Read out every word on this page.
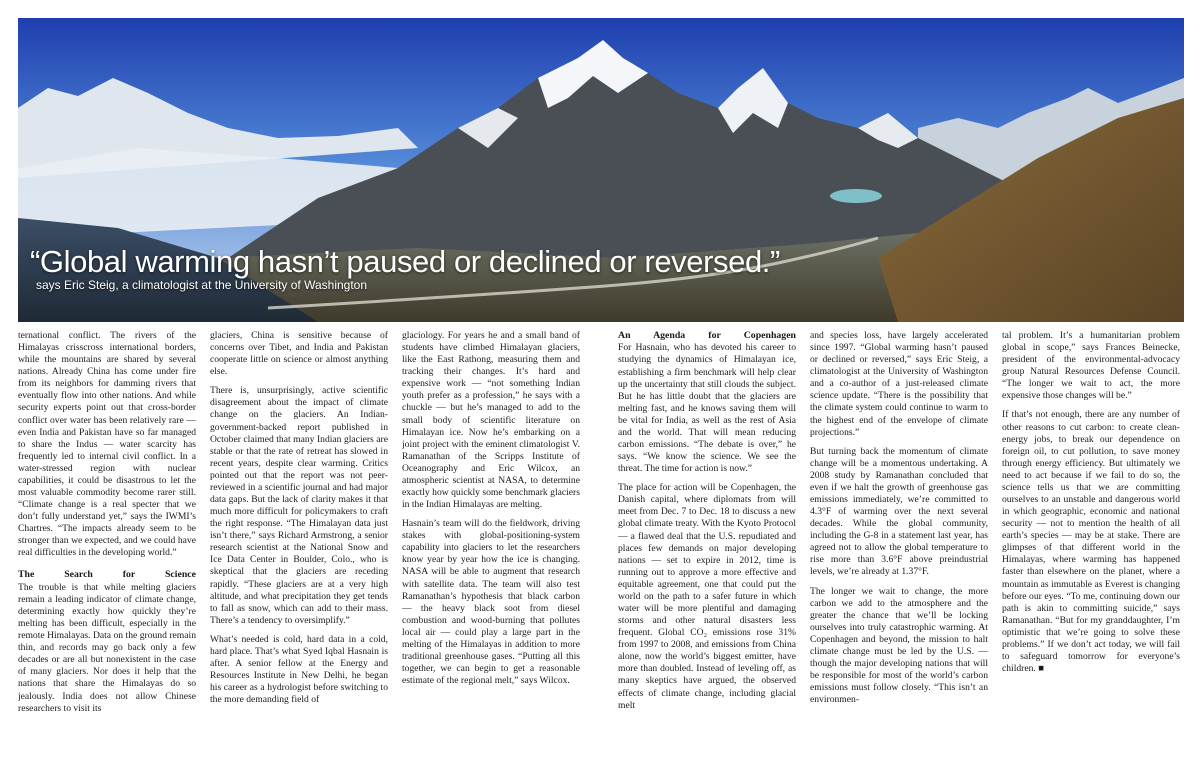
“Global warming hasn’t paused or declined or reversed.”
says Eric Steig, a climatologist at the University of Washington

ternational conflict. The rivers of the Himalayas crisscross international borders, while the mountains are shared by several nations. Already China has come under fire from its neighbors for damming rivers that eventually flow into other nations. And while security experts point out that cross-border conflict over water has been relatively rare — even India and Pakistan have so far managed to share the Indus — water scarcity has frequently led to internal civil conflict. In a water-stressed region with nuclear capabilities, it could be disastrous to let the most valuable commodity become rarer still. “Climate change is a real specter that we don’t fully understand yet,” says the IWMI’s Chartres. “The impacts already seem to be stronger than we expected, and we could have real difficulties in the developing world.”

The Search for Science

The trouble is that while melting glaciers remain a leading indicator of climate change, determining exactly how quickly they’re melting has been difficult, especially in the remote Himalayas. Data on the ground remain thin, and records may go back only a few decades or are all but nonexistent in the case of many glaciers. Nor does it help that the nations that share the Himalayas do so jealously. India does not allow Chinese researchers to visit its

glaciers, China is sensitive because of concerns over Tibet, and India and Pakistan cooperate little on science or almost anything else.

There is, unsurprisingly, active scientific disagreement about the impact of climate change on the glaciers. An Indian-government-backed report published in October claimed that many Indian glaciers are stable or that the rate of retreat has slowed in recent years, despite clear warming. Critics pointed out that the report was not peer-reviewed in a scientific journal and had major data gaps. But the lack of clarity makes it that much more difficult for policymakers to craft the right response. “The Himalayan data just isn’t there,” says Richard Armstrong, a senior research scientist at the National Snow and Ice Data Center in Boulder, Colo., who is skeptical that the glaciers are receding rapidly. “These glaciers are at a very high altitude, and what precipitation they get tends to fall as snow, which can add to their mass. There’s a tendency to oversimplify.”

What’s needed is cold, hard data in a cold, hard place. That’s what Syed Iqbal Hasnain is after. A senior fellow at the Energy and Resources Institute in New Delhi, he began his career as a hydrologist before switching to the more demanding field of

glaciology. For years he and a small band of students have climbed Himalayan glaciers, like the East Rathong, measuring them and tracking their changes. It’s hard and expensive work — “not something Indian youth prefer as a profession,” he says with a chuckle — but he’s managed to add to the small body of scientific literature on Himalayan ice. Now he’s embarking on a joint project with the eminent climatologist V. Ramanathan of the Scripps Institute of Oceanography and Eric Wilcox, an atmospheric scientist at NASA, to determine exactly how quickly some benchmark glaciers in the Indian Himalayas are melting.

Hasnain’s team will do the fieldwork, driving stakes with global-positioning-system capability into glaciers to let the researchers know year by year how the ice is changing. NASA will be able to augment that research with satellite data. The team will also test Ramanathan’s hypothesis that black carbon — the heavy black soot from diesel combustion and wood-burning that pollutes local air — could play a large part in the melting of the Himalayas in addition to more traditional greenhouse gases. “Putting all this together, we can begin to get a reasonable estimate of the regional melt,” says Wilcox.

An Agenda for Copenhagen

For Hasnain, who has devoted his career to studying the dynamics of Himalayan ice, establishing a firm benchmark will help clear up the uncertainty that still clouds the subject. But he has little doubt that the glaciers are melting fast, and he knows saving them will be vital for India, as well as the rest of Asia and the world. That will mean reducing carbon emissions. “The debate is over,” he says. “We know the science. We see the threat. The time for action is now.”

The place for action will be Copenhagen, the Danish capital, where diplomats from will meet from Dec. 7 to Dec. 18 to discuss a new global climate treaty. With the Kyoto Protocol — a flawed deal that the U.S. repudiated and places few demands on major developing nations — set to expire in 2012, time is running out to approve a more effective and equitable agreement, one that could put the world on the path to a safer future in which water will be more plentiful and damaging storms and other natural disasters less frequent. Global CO₂ emissions rose 31% from 1997 to 2008, and emissions from China alone, now the world’s biggest emitter, have more than doubled. Instead of leveling off, as many skeptics have argued, the observed effects of climate change, including glacial melt

and species loss, have largely accelerated since 1997. “Global warming hasn’t paused or declined or reversed,” says Eric Steig, a climatologist at the University of Washington and a co-author of a just-released climate science update. “There is the possibility that the climate system could continue to warm to the highest end of the envelope of climate projections.”

But turning back the momentum of climate change will be a momentous undertaking. A 2008 study by Ramanathan concluded that even if we halt the growth of greenhouse gas emissions immediately, we’re committed to 4.3°F of warming over the next several decades. While the global community, including the G-8 in a statement last year, has agreed not to allow the global temperature to rise more than 3.6°F above preindustrial levels, we’re already at 1.37°F.

The longer we wait to change, the more carbon we add to the atmosphere and the greater the chance that we’ll be locking ourselves into truly catastrophic warming. At Copenhagen and beyond, the mission to halt climate change must be led by the U.S. — though the major developing nations that will be responsible for most of the world’s carbon emissions must follow closely. “This isn’t an environmen-

tal problem. It’s a humanitarian problem global in scope,” says Frances Beinecke, president of the environmental-advocacy group Natural Resources Defense Council. “The longer we wait to act, the more expensive those changes will be.”

If that’s not enough, there are any number of other reasons to cut carbon: to create clean-energy jobs, to break our dependence on foreign oil, to cut pollution, to save money through energy efficiency. But ultimately we need to act because if we fail to do so, the science tells us that we are committing ourselves to an unstable and dangerous world in which geographic, economic and national security — not to mention the health of all earth’s species — may be at stake. There are glimpses of that different world in the Himalayas, where warming has happened faster than elsewhere on the planet, where a mountain as immutable as Everest is changing before our eyes. “To me, continuing down our path is akin to committing suicide,” says Ramanathan. “But for my granddaughter, I’m optimistic that we’re going to solve these problems.” If we don’t act today, we will fail to safeguard tomorrow for everyone’s children. ■
